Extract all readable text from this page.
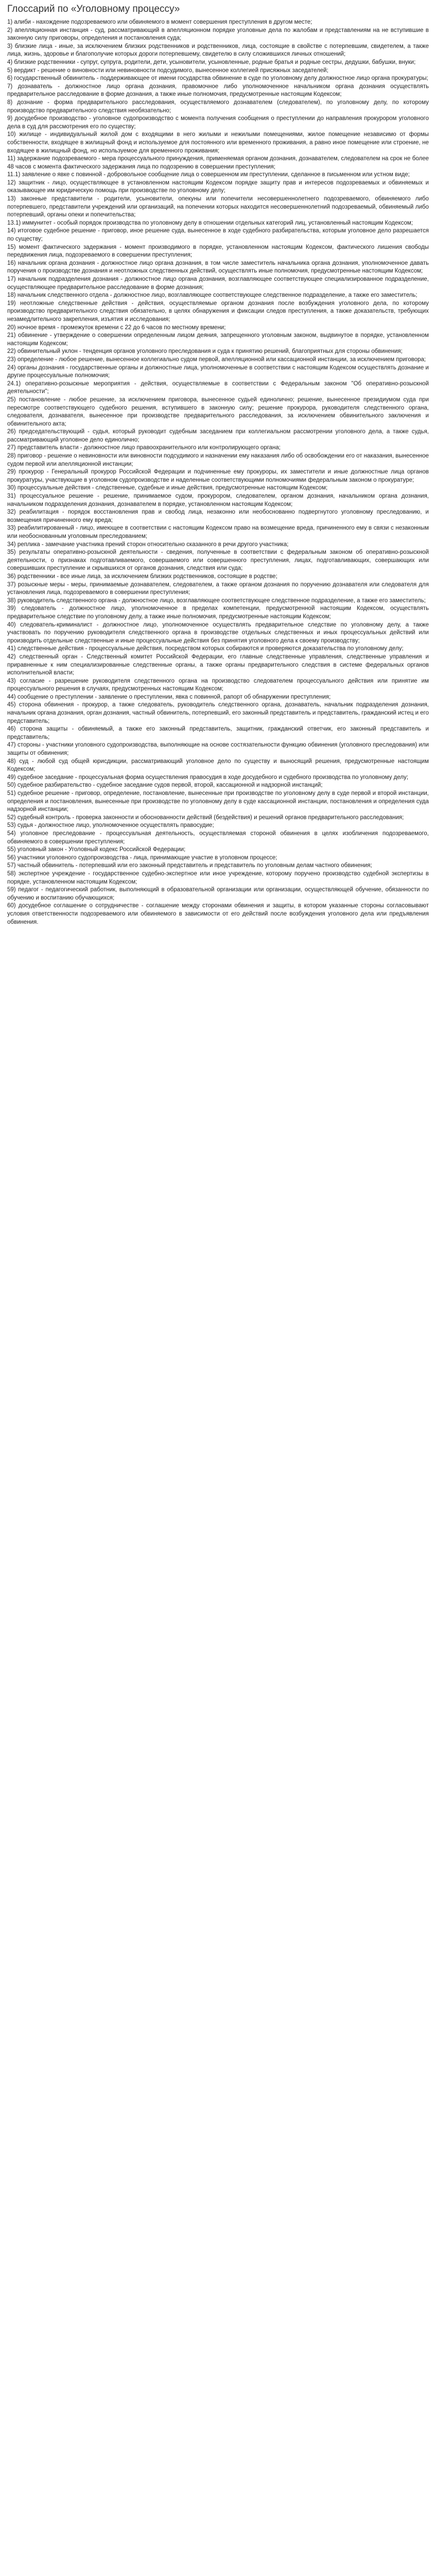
Глоссарий по «Уголовному процессу»

1) алиби - нахождение подозреваемого или обвиняемого в момент совершения преступления в другом месте;

2) апелляционная инстанция - суд, рассматривающий в апелляционном порядке уголовные дела по жалобам и представлениям на не вступившие в законную силу приговоры, определения и постановления суда;

3) близкие лица - иные, за исключением близких родственников и родственников, лица, состоящие в свойстве с потерпевшим, свидетелем, а также лица, жизнь, здоровье и благополучие которых дороги потерпевшему, свидетелю в силу сложившихся личных отношений;

4) близкие родственники - супруг, супруга, родители, дети, усыновители, усыновленные, родные братья и родные сестры, дедушки, бабушки, внуки;

5) вердикт - решение о виновности или невиновности подсудимого, вынесенное коллегией присяжных заседателей;

6) государственный обвинитель - поддерживающее от имени государства обвинение в суде по уголовному делу должностное лицо органа прокуратуры;

7) дознаватель - должностное лицо органа дознания, правомочное либо уполномоченное начальником органа дознания осуществлять предварительное расследование в форме дознания, а также иные полномочия, предусмотренные настоящим Кодексом;

8) дознание - форма предварительного расследования, осуществляемого дознавателем (следователем), по уголовному делу, по которому производство предварительного следствия необязательно;

9) досудебное производство - уголовное судопроизводство с момента получения сообщения о преступлении до направления прокурором уголовного дела в суд для рассмотрения его по существу;

10) жилище - индивидуальный жилой дом с входящими в него жилыми и нежилыми помещениями, жилое помещение независимо от формы собственности, входящее в жилищный фонд и используемое для постоянного или временного проживания, а равно иное помещение или строение, не входящее в жилищный фонд, но используемое для временного проживания;

11) задержание подозреваемого - мера процессуального принуждения, применяемая органом дознания, дознавателем, следователем на срок не более 48 часов с момента фактического задержания лица по подозрению в совершении преступления;

11.1) заявление о явке с повинной - добровольное сообщение лица о совершенном им преступлении, сделанное в письменном или устном виде;

12) защитник - лицо, осуществляющее в установленном настоящим Кодексом порядке защиту прав и интересов подозреваемых и обвиняемых и оказывающее им юридическую помощь при производстве по уголовному делу;

13) законные представители - родители, усыновители, опекуны или попечители несовершеннолетнего подозреваемого, обвиняемого либо потерпевшего, представители учреждений или организаций, на попечении которых находится несовершеннолетний подозреваемый, обвиняемый либо потерпевший, органы опеки и попечительства;

13.1) иммунитет - особый порядок производства по уголовному делу в отношении отдельных категорий лиц, установленный настоящим Кодексом;

14) итоговое судебное решение - приговор, иное решение суда, вынесенное в ходе судебного разбирательства, которым уголовное дело разрешается по существу;

15) момент фактического задержания - момент производимого в порядке, установленном настоящим Кодексом, фактического лишения свободы передвижения лица, подозреваемого в совершении преступления;

16) начальник органа дознания - должностное лицо органа дознания, в том числе заместитель начальника органа дознания, уполномоченное давать поручения о производстве дознания и неотложных следственных действий, осуществлять иные полномочия, предусмотренные настоящим Кодексом;

17) начальник подразделения дознания - должностное лицо органа дознания, возглавляющее соответствующее специализированное подразделение, осуществляющее предварительное расследование в форме дознания;

18) начальник следственного отдела - должностное лицо, возглавляющее соответствующее следственное подразделение, а также его заместитель;

19) неотложные следственные действия - действия, осуществляемые органом дознания после возбуждения уголовного дела, по которому производство предварительного следствия обязательно, в целях обнаружения и фиксации следов преступления, а также доказательств, требующих незамедлительного закрепления, изъятия и исследования;

20) ночное время - промежуток времени с 22 до 6 часов по местному времени;

21) обвинение - утверждение о совершении определенным лицом деяния, запрещенного уголовным законом, выдвинутое в порядке, установленном настоящим Кодексом;

22) обвинительный уклон - тенденция органов уголовного преследования и суда к принятию решений, благоприятных для стороны обвинения;

23) определение - любое решение, вынесенное коллегиально судом первой, апелляционной или кассационной инстанции, за исключением приговора;

24) органы дознания - государственные органы и должностные лица, уполномоченные в соответствии с настоящим Кодексом осуществлять дознание и другие процессуальные полномочия;

24.1) оперативно-розыскные мероприятия - действия, осуществляемые в соответствии с Федеральным законом "Об оперативно-розыскной деятельности";

25) постановление - любое решение, за исключением приговора, вынесенное судьей единолично; решение, вынесенное президиумом суда при пересмотре соответствующего судебного решения, вступившего в законную силу; решение прокурора, руководителя следственного органа, следователя, дознавателя, вынесенное при производстве предварительного расследования, за исключением обвинительного заключения и обвинительного акта;

26) председательствующий - судья, который руководит судебным заседанием при коллегиальном рассмотрении уголовного дела, а также судья, рассматривающий уголовное дело единолично;

27) представитель власти - должностное лицо правоохранительного или контролирующего органа;

28) приговор - решение о невиновности или виновности подсудимого и назначении ему наказания либо об освобождении его от наказания, вынесенное судом первой или апелляционной инстанции;

29) прокурор - Генеральный прокурор Российской Федерации и подчиненные ему прокуроры, их заместители и иные должностные лица органов прокуратуры, участвующие в уголовном судопроизводстве и наделенные соответствующими полномочиями федеральным законом о прокуратуре;

30) процессуальные действия - следственные, судебные и иные действия, предусмотренные настоящим Кодексом;

31) процессуальное решение - решение, принимаемое судом, прокурором, следователем, органом дознания, начальником органа дознания, начальником подразделения дознания, дознавателем в порядке, установленном настоящим Кодексом;

32) реабилитация - порядок восстановления прав и свобод лица, незаконно или необоснованно подвергнутого уголовному преследованию, и возмещения причиненного ему вреда;

33) реабилитированный - лицо, имеющее в соответствии с настоящим Кодексом право на возмещение вреда, причиненного ему в связи с незаконным или необоснованным уголовным преследованием;

34) реплика - замечание участника прений сторон относительно сказанного в речи другого участника;

35) результаты оперативно-розыскной деятельности - сведения, полученные в соответствии с федеральным законом об оперативно-розыскной деятельности, о признаках подготавливаемого, совершаемого или совершенного преступления, лицах, подготавливающих, совершающих или совершивших преступление и скрывшихся от органов дознания, следствия или суда;

36) родственники - все иные лица, за исключением близких родственников, состоящие в родстве;

37) розыскные меры - меры, принимаемые дознавателем, следователем, а также органом дознания по поручению дознавателя или следователя для установления лица, подозреваемого в совершении преступления;

38) руководитель следственного органа - должностное лицо, возглавляющее соответствующее следственное подразделение, а также его заместитель;

39) следователь - должностное лицо, уполномоченное в пределах компетенции, предусмотренной настоящим Кодексом, осуществлять предварительное следствие по уголовному делу, а также иные полномочия, предусмотренные настоящим Кодексом;

40) следователь-криминалист - должностное лицо, уполномоченное осуществлять предварительное следствие по уголовному делу, а также участвовать по поручению руководителя следственного органа в производстве отдельных следственных и иных процессуальных действий или производить отдельные следственные и иные процессуальные действия без принятия уголовного дела к своему производству;

41) следственные действия - процессуальные действия, посредством которых собираются и проверяются доказательства по уголовному делу;

42) следственный орган - Следственный комитет Российской Федерации, его главные следственные управления, следственные управления и приравненные к ним специализированные следственные органы, а также органы предварительного следствия в системе федеральных органов исполнительной власти;

43) согласие - разрешение руководителя следственного органа на производство следователем процессуального действия или принятие им процессуального решения в случаях, предусмотренных настоящим Кодексом;

44) сообщение о преступлении - заявление о преступлении, явка с повинной, рапорт об обнаружении преступления;

45) сторона обвинения - прокурор, а также следователь, руководитель следственного органа, дознаватель, начальник подразделения дознания, начальник органа дознания, орган дознания, частный обвинитель, потерпевший, его законный представитель и представитель, гражданский истец и его представитель;

46) сторона защиты - обвиняемый, а также его законный представитель, защитник, гражданский ответчик, его законный представитель и представитель;

47) стороны - участники уголовного судопроизводства, выполняющие на основе состязательности функцию обвинения (уголовного преследования) или защиты от обвинения;

48) суд - любой суд общей юрисдикции, рассматривающий уголовное дело по существу и выносящий решения, предусмотренные настоящим Кодексом;

49) судебное заседание - процессуальная форма осуществления правосудия в ходе досудебного и судебного производства по уголовному делу;

50) судебное разбирательство - судебное заседание судов первой, второй, кассационной и надзорной инстанций;

51) судебное решение - приговор, определение, постановление, вынесенные при производстве по уголовному делу в суде первой и второй инстанции, определения и постановления, вынесенные при производстве по уголовному делу в суде кассационной инстанции, постановления и определения суда надзорной инстанции;

52) судебный контроль - проверка законности и обоснованности действий (бездействия) и решений органов предварительного расследования;

53) судья - должностное лицо, уполномоченное осуществлять правосудие;

54) уголовное преследование - процессуальная деятельность, осуществляемая стороной обвинения в целях изобличения подозреваемого, обвиняемого в совершении преступления;

55) уголовный закон - Уголовный кодекс Российской Федерации;

56) участники уголовного судопроизводства - лица, принимающие участие в уголовном процессе;

57) частный обвинитель - потерпевший или его законный представитель и представитель по уголовным делам частного обвинения;

58) экспертное учреждение - государственное судебно-экспертное или иное учреждение, которому поручено производство судебной экспертизы в порядке, установленном настоящим Кодексом;

59) педагог - педагогический работник, выполняющий в образовательной организации или организации, осуществляющей обучение, обязанности по обучению и воспитанию обучающихся;

60) досудебное соглашение о сотрудничестве - соглашение между сторонами обвинения и защиты, в котором указанные стороны согласовывают условия ответственности подозреваемого или обвиняемого в зависимости от его действий после возбуждения уголовного дела или предъявления обвинения.
